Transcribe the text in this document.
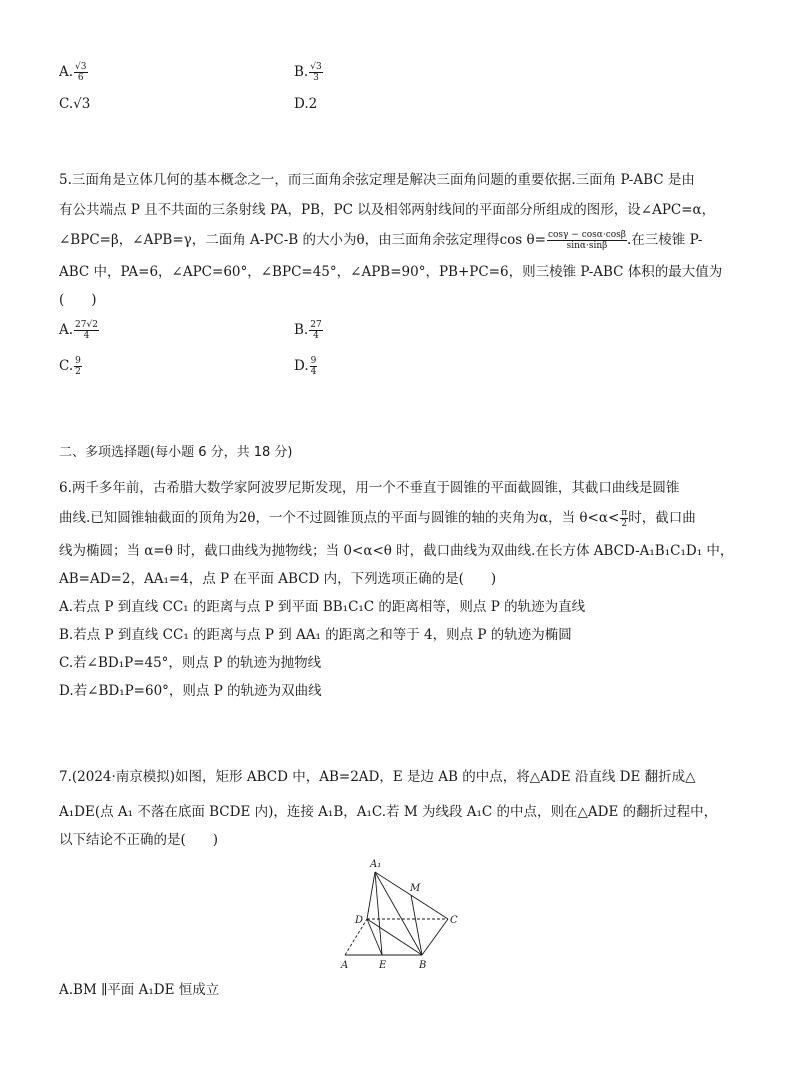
A. $\frac{√3}{6}$	B. $\frac{√3}{3}$
C.√3	D.2
5.三面角是立体几何的基本概念之一，而三面角余弦定理是解决三面角问题的重要依据.三面角 P-ABC 是由
有公共端点 P 且不共面的三条射线 PA，PB，PC 以及相邻两射线间的平面部分所组成的图形，设∠APC=α，
∠BPC=β，∠APB=γ，二面角 A-PC-B 的大小为θ，由三面角余弦定理得$\cos \theta= \frac{\cos\gamma - \cos\alpha\cdot\cos\beta}{\sin\alpha\cdot\sin\beta}$ .在三棱锥 P-
ABC 中，PA=6，∠APC=60°，∠BPC=45°，∠APB=90°，PB+PC=6，则三棱锥 P-ABC 体积的最大值为
(　　)
A. $\frac{27√2}{4}$	B. $\frac{27}{4}$
C. $\frac{9}{2}$	D. $\frac{9}{4}$
二、多项选择题(每小题 6 分，共 18 分)
6.两千多年前，古希腊大数学家阿波罗尼斯发现，用一个不垂直于圆锥的平面截圆锥，其截口曲线是圆锥
曲线.已知圆锥轴截面的顶角为2θ，一个不过圆锥顶点的平面与圆锥的轴的夹角为α，当 $\theta<\alpha< \frac{\pi}{2}$ 时，截口曲
线为椭圆；当 α=θ 时，截口曲线为抛物线；当 0<α<θ 时，截口曲线为双曲线.在长方体 ABCD-A₁B₁C₁D₁ 中，
AB=AD=2，AA₁=4，点 P 在平面 ABCD 内，下列选项正确的是(　　)
A.若点 P 到直线 CC₁ 的距离与点 P 到平面 BB₁C₁C 的距离相等，则点 P 的轨迹为直线
B.若点 P 到直线 CC₁ 的距离与点 P 到 AA₁ 的距离之和等于 4，则点 P 的轨迹为椭圆
C.若∠BD₁P=45°，则点 P 的轨迹为抛物线
D.若∠BD₁P=60°，则点 P 的轨迹为双曲线
7.(2024·南京模拟)如图，矩形 ABCD 中，AB=2AD，E 是边 AB 的中点，将△ADE 沿直线 DE 翻折成△
A₁DE(点 A₁ 不落在底面 BCDE 内)，连接 A₁B，A₁C.若 M 为线段 A₁C 的中点，则在△ADE 的翻折过程中，
以下结论不正确的是(　　)
A₁
M
D	C
A	E	B
A.BM ∥平面 A₁DE 恒成立
